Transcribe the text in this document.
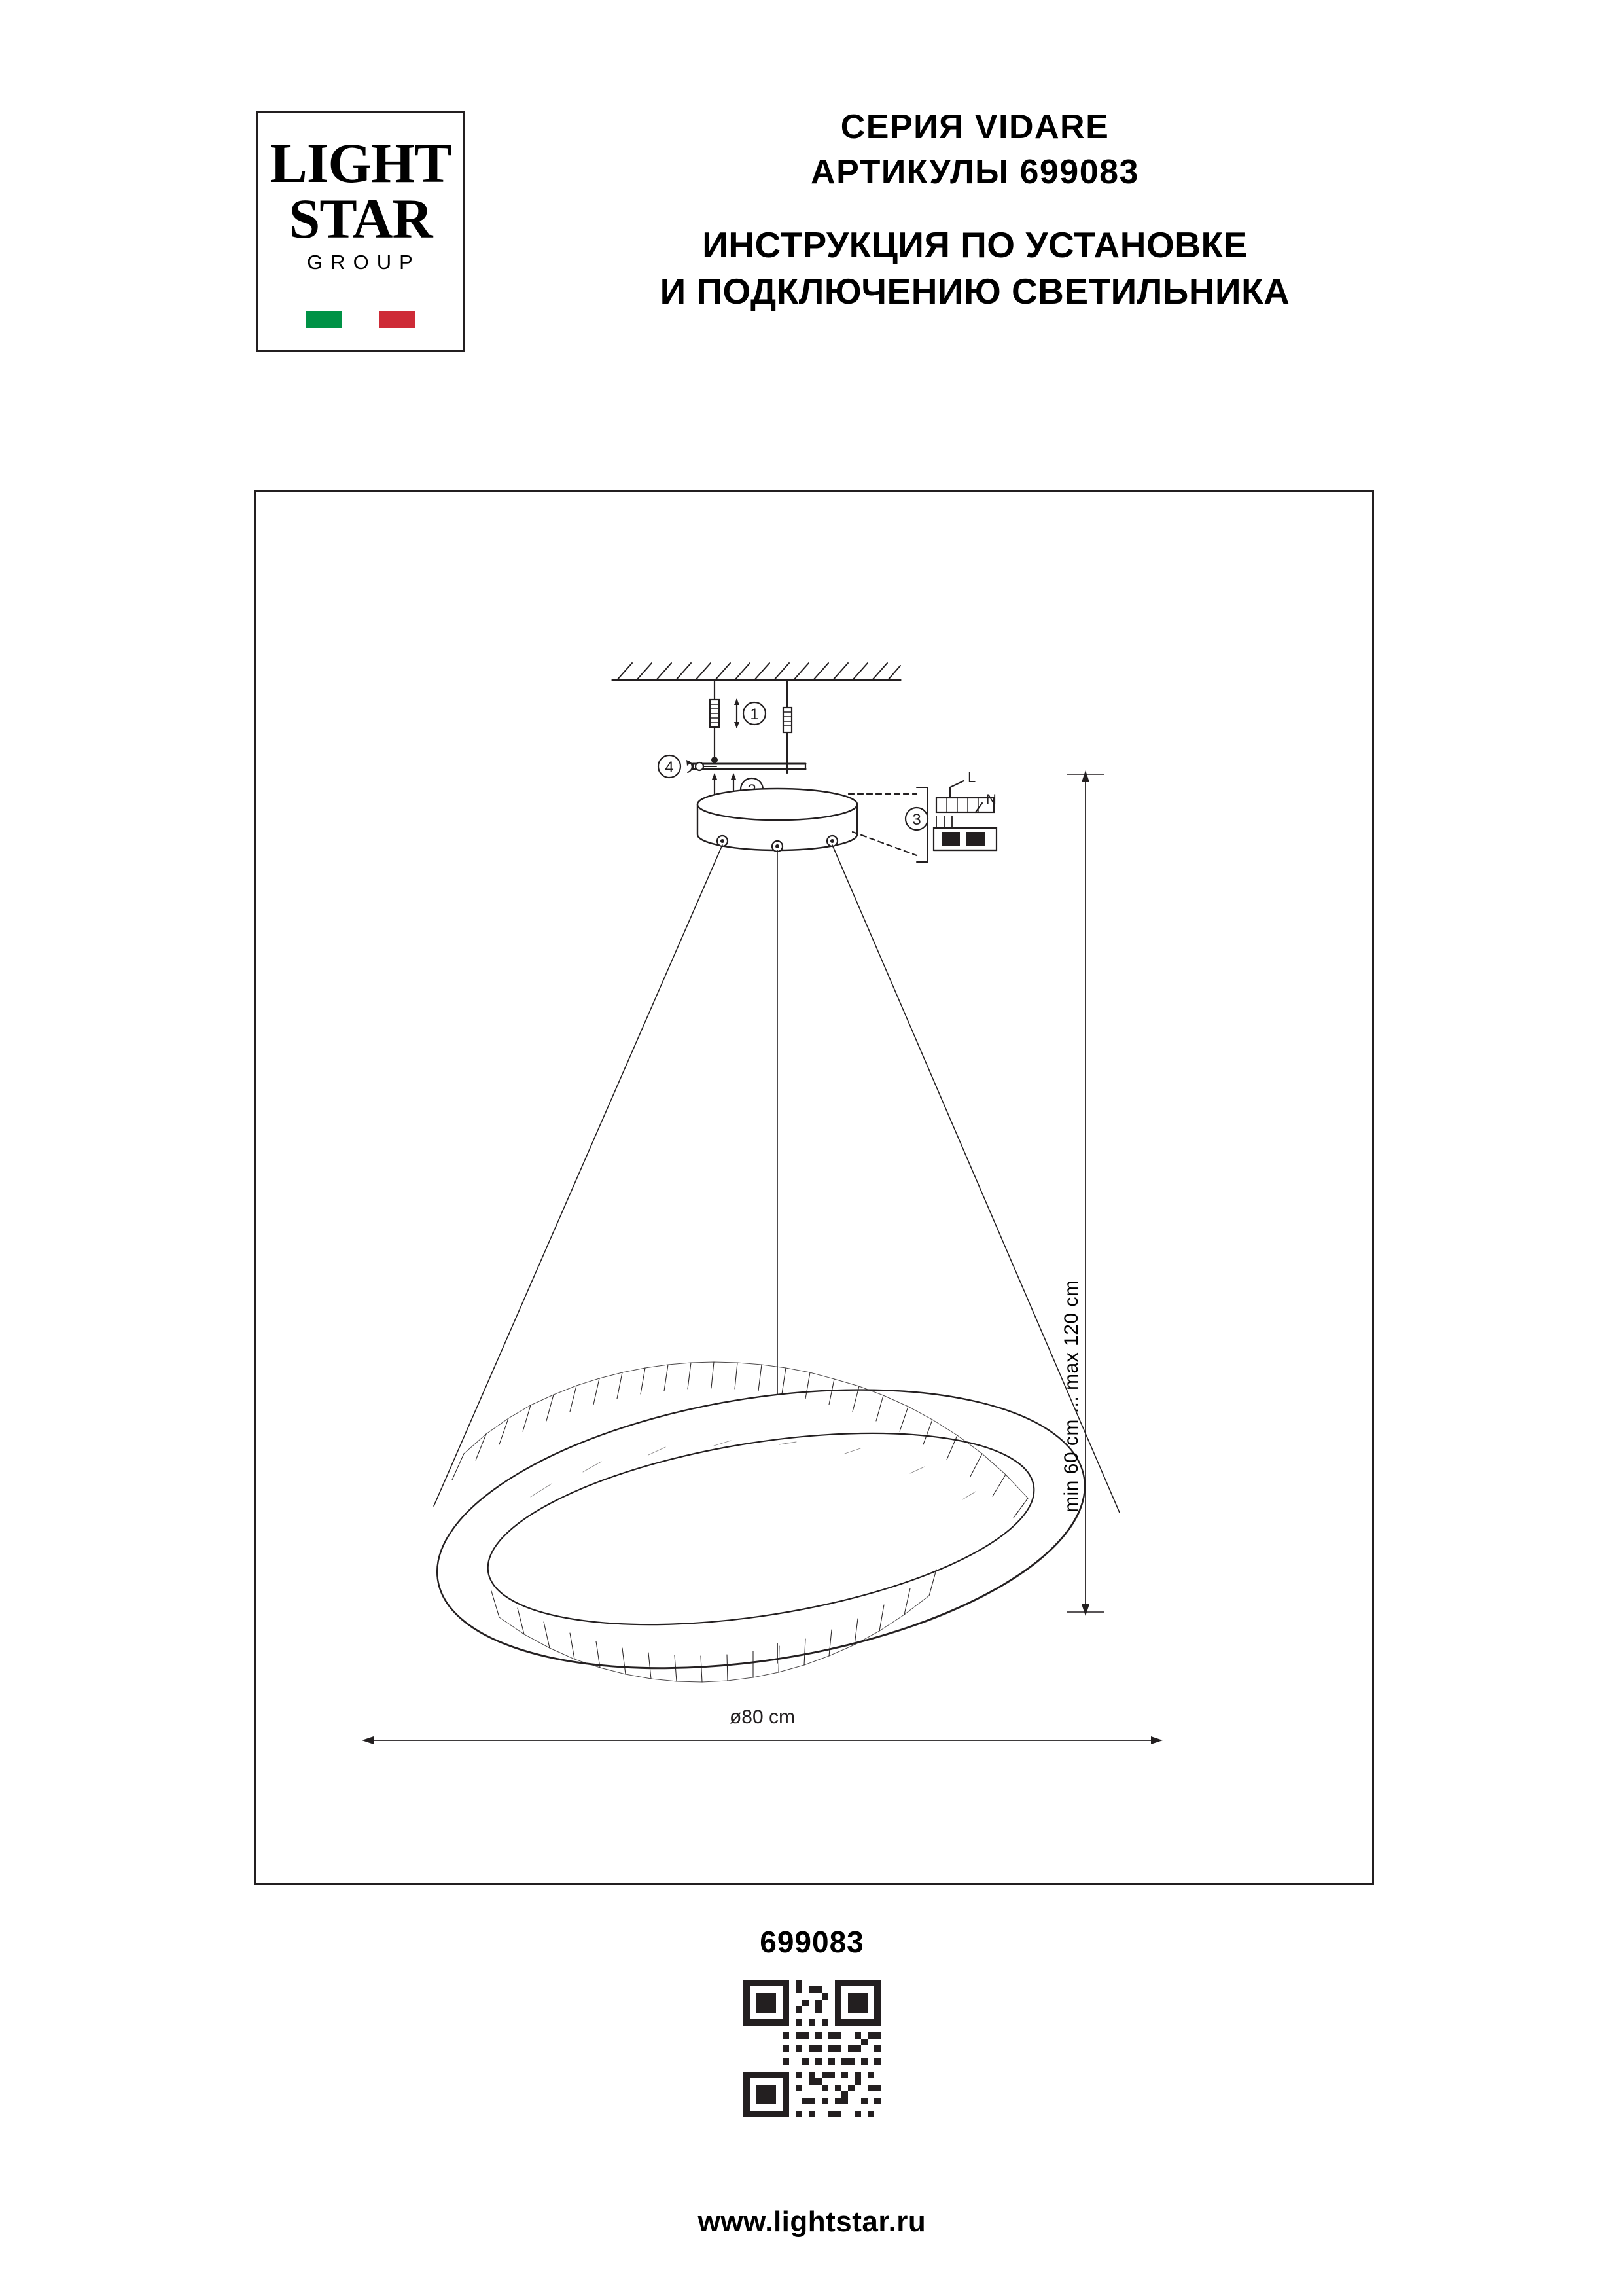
LIGHT
STAR
GROUP
СЕРИЯ VIDARE
АРТИКУЛЫ 699083
ИНСТРУКЦИЯ ПО УСТАНОВКЕ
И ПОДКЛЮЧЕНИЮ СВЕТИЛЬНИКА
1
4
L
N
3
ø80 cm
min 60 cm ... max 120 cm
699083
www.lightstar.ru
